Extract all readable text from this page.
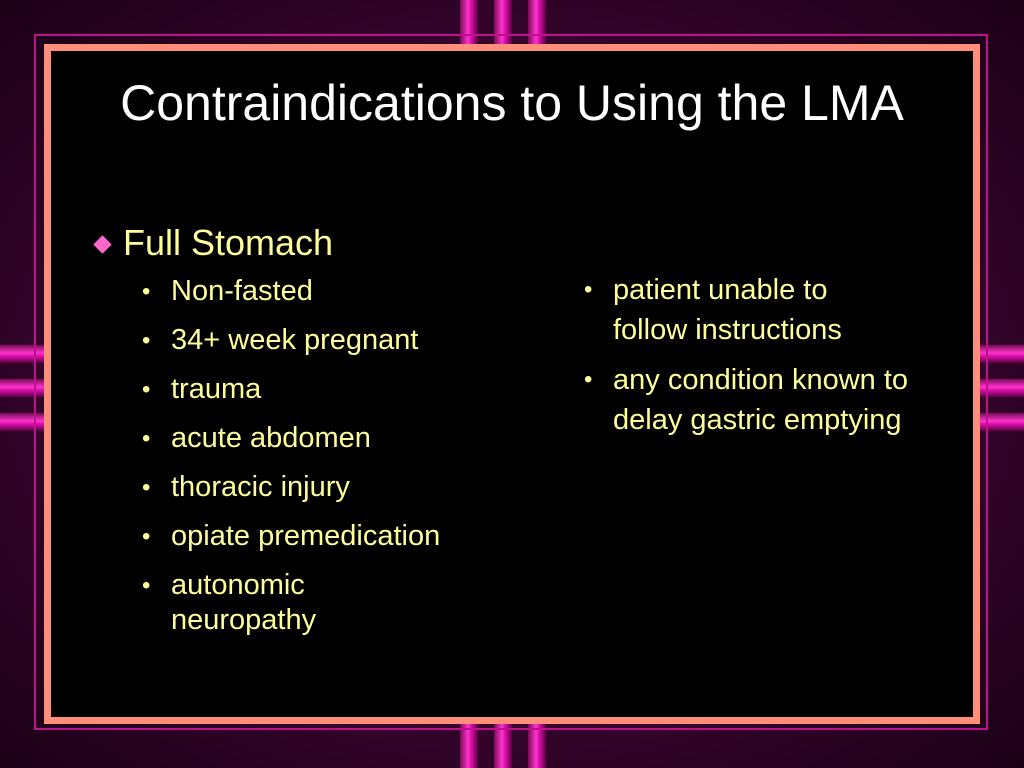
Contraindications to Using the LMA
Full Stomach
• Non-fasted
• 34+ week pregnant
• trauma
• acute abdomen
• thoracic injury
• opiate premedication
• autonomic neuropathy
• patient unable to follow instructions
• any condition known to delay gastric emptying
